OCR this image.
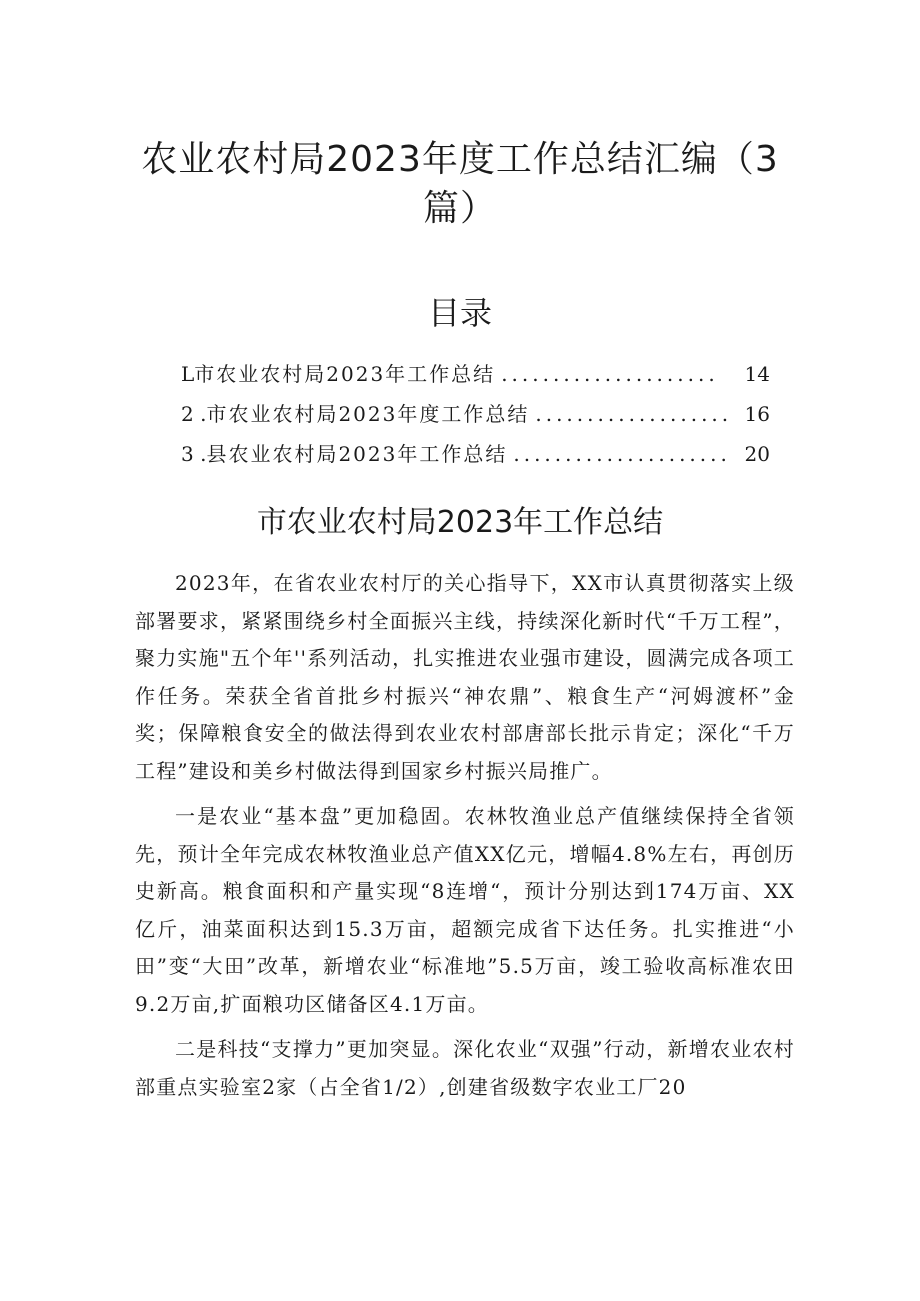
农业农村局2023年度工作总结汇编（3
篇）
目录
L 市农业农村局2023年工作总结 .....................	14
2 . 市农业农村局2023年度工作总结 ................... 16
3 . 县农业农村局2023年工作总结 ..................... 20
市农业农村局2023年工作总结

2023年，在省农业农村厅的关心指导下，XX市认真贯彻落实上级部署要求，紧紧围绕乡村全面振兴主线，持续深化新时代“千万工程”，聚力实施"五个年''系列活动，扎实推进农业强市建设，圆满完成各项工作任务。荣获全省首批乡村振兴“神农鼎”、粮食生产“河姆渡杯”金奖；保障粮食安全的做法得到农业农村部唐部长批示肯定；深化“千万工程”建设和美乡村做法得到国家乡村振兴局推广。

一是农业“基本盘”更加稳固。农林牧渔业总产值继续保持全省领先，预计全年完成农林牧渔业总产值XX亿元，增幅4.8%左右，再创历史新高。粮食面积和产量实现“8连增“，预计分别达到174万亩、XX亿斤，油菜面积达到15.3万亩，超额完成省下达任务。扎实推进“小田”变“大田”改革，新增农业“标准地”5.5万亩，竣工验收高标准农田9.2万亩,扩面粮功区储备区4.1万亩。

二是科技“支撑力”更加突显。深化农业“双强”行动，新增农业农村部重点实验室2家（占全省1/2）,创建省级数字农业工厂20
